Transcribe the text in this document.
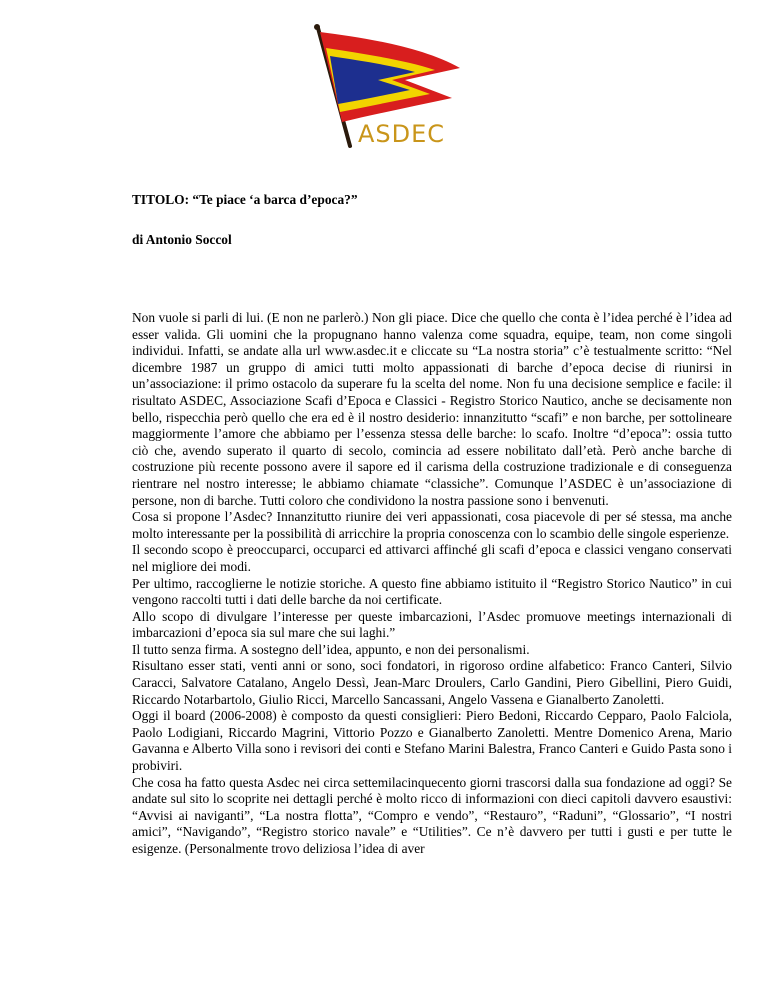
ASDEC

TITOLO: “Te piace ‘a barca d’epoca?”

di Antonio Soccol

Non vuole si parli di lui. (E non ne parlerò.) Non gli piace. Dice che quello che conta è l’idea perché è l’idea ad esser valida. Gli uomini che la propugnano hanno valenza come squadra, equipe, team, non come singoli individui. Infatti, se andate alla url www.asdec.it e cliccate su “La nostra storia” c’è testualmente scritto: “Nel dicembre 1987 un gruppo di amici tutti molto appassionati di barche d’epoca decise di riunirsi in un’associazione: il primo ostacolo da superare fu la scelta del nome. Non fu una decisione semplice e facile: il risultato ASDEC, Associazione Scafi d’Epoca e Classici - Registro Storico Nautico, anche se decisamente non bello, rispecchia però quello che era ed è il nostro desiderio: innanzitutto “scafi” e non barche, per sottolineare maggiormente l’amore che abbiamo per l’essenza stessa delle barche: lo scafo. Inoltre “d’epoca”: ossia tutto ciò che, avendo superato il quarto di secolo, comincia ad essere nobilitato dall’età. Però anche barche di costruzione più recente possono avere il sapore ed il carisma della costruzione tradizionale e di conseguenza rientrare nel nostro interesse; le abbiamo chiamate “classiche”. Comunque l’ASDEC è un’associazione di persone, non di barche. Tutti coloro che condividono la nostra passione sono i benvenuti.

Cosa si propone l’Asdec? Innanzitutto riunire dei veri appassionati, cosa piacevole di per sé stessa, ma anche molto interessante per la possibilità di arricchire la propria conoscenza con lo scambio delle singole esperienze.

Il secondo scopo è preoccuparci, occuparci ed attivarci affinché gli scafi d’epoca e classici vengano conservati nel migliore dei modi.

Per ultimo, raccoglierne le notizie storiche. A questo fine abbiamo istituito il “Registro Storico Nautico” in cui vengono raccolti tutti i dati delle barche da noi certificate.

Allo scopo di divulgare l’interesse per queste imbarcazioni, l’Asdec promuove meetings internazionali di imbarcazioni d’epoca sia sul mare che sui laghi.”

Il tutto senza firma. A sostegno dell’idea, appunto, e non dei personalismi.

Risultano esser stati, venti anni or sono, soci fondatori, in rigoroso ordine alfabetico: Franco Canteri, Silvio Caracci, Salvatore Catalano, Angelo Dessì, Jean-Marc Droulers, Carlo Gandini, Piero Gibellini, Piero Guidi, Riccardo Notarbartolo, Giulio Ricci, Marcello Sancassani, Angelo Vassena e Gianalberto Zanoletti.

Oggi il board (2006-2008) è composto da questi consiglieri: Piero Bedoni, Riccardo Cepparo, Paolo Falciola, Paolo Lodigiani, Riccardo Magrini, Vittorio Pozzo e Gianalberto Zanoletti. Mentre Domenico Arena, Mario Gavanna e Alberto Villa sono i revisori dei conti e Stefano Marini Balestra, Franco Canteri e Guido Pasta sono i probiviri.

Che cosa ha fatto questa Asdec nei circa settemilacinquecento giorni trascorsi dalla sua fondazione ad oggi? Se andate sul sito lo scoprite nei dettagli perché è molto ricco di informazioni con dieci capitoli davvero esaustivi: “Avvisi ai naviganti”, “La nostra flotta”, “Compro e vendo”, “Restauro”, “Raduni”, “Glossario”, “I nostri amici”, “Navigando”, “Registro storico navale” e “Utilities”. Ce n’è davvero per tutti i gusti e per tutte le esigenze. (Personalmente trovo deliziosa l’idea di aver
